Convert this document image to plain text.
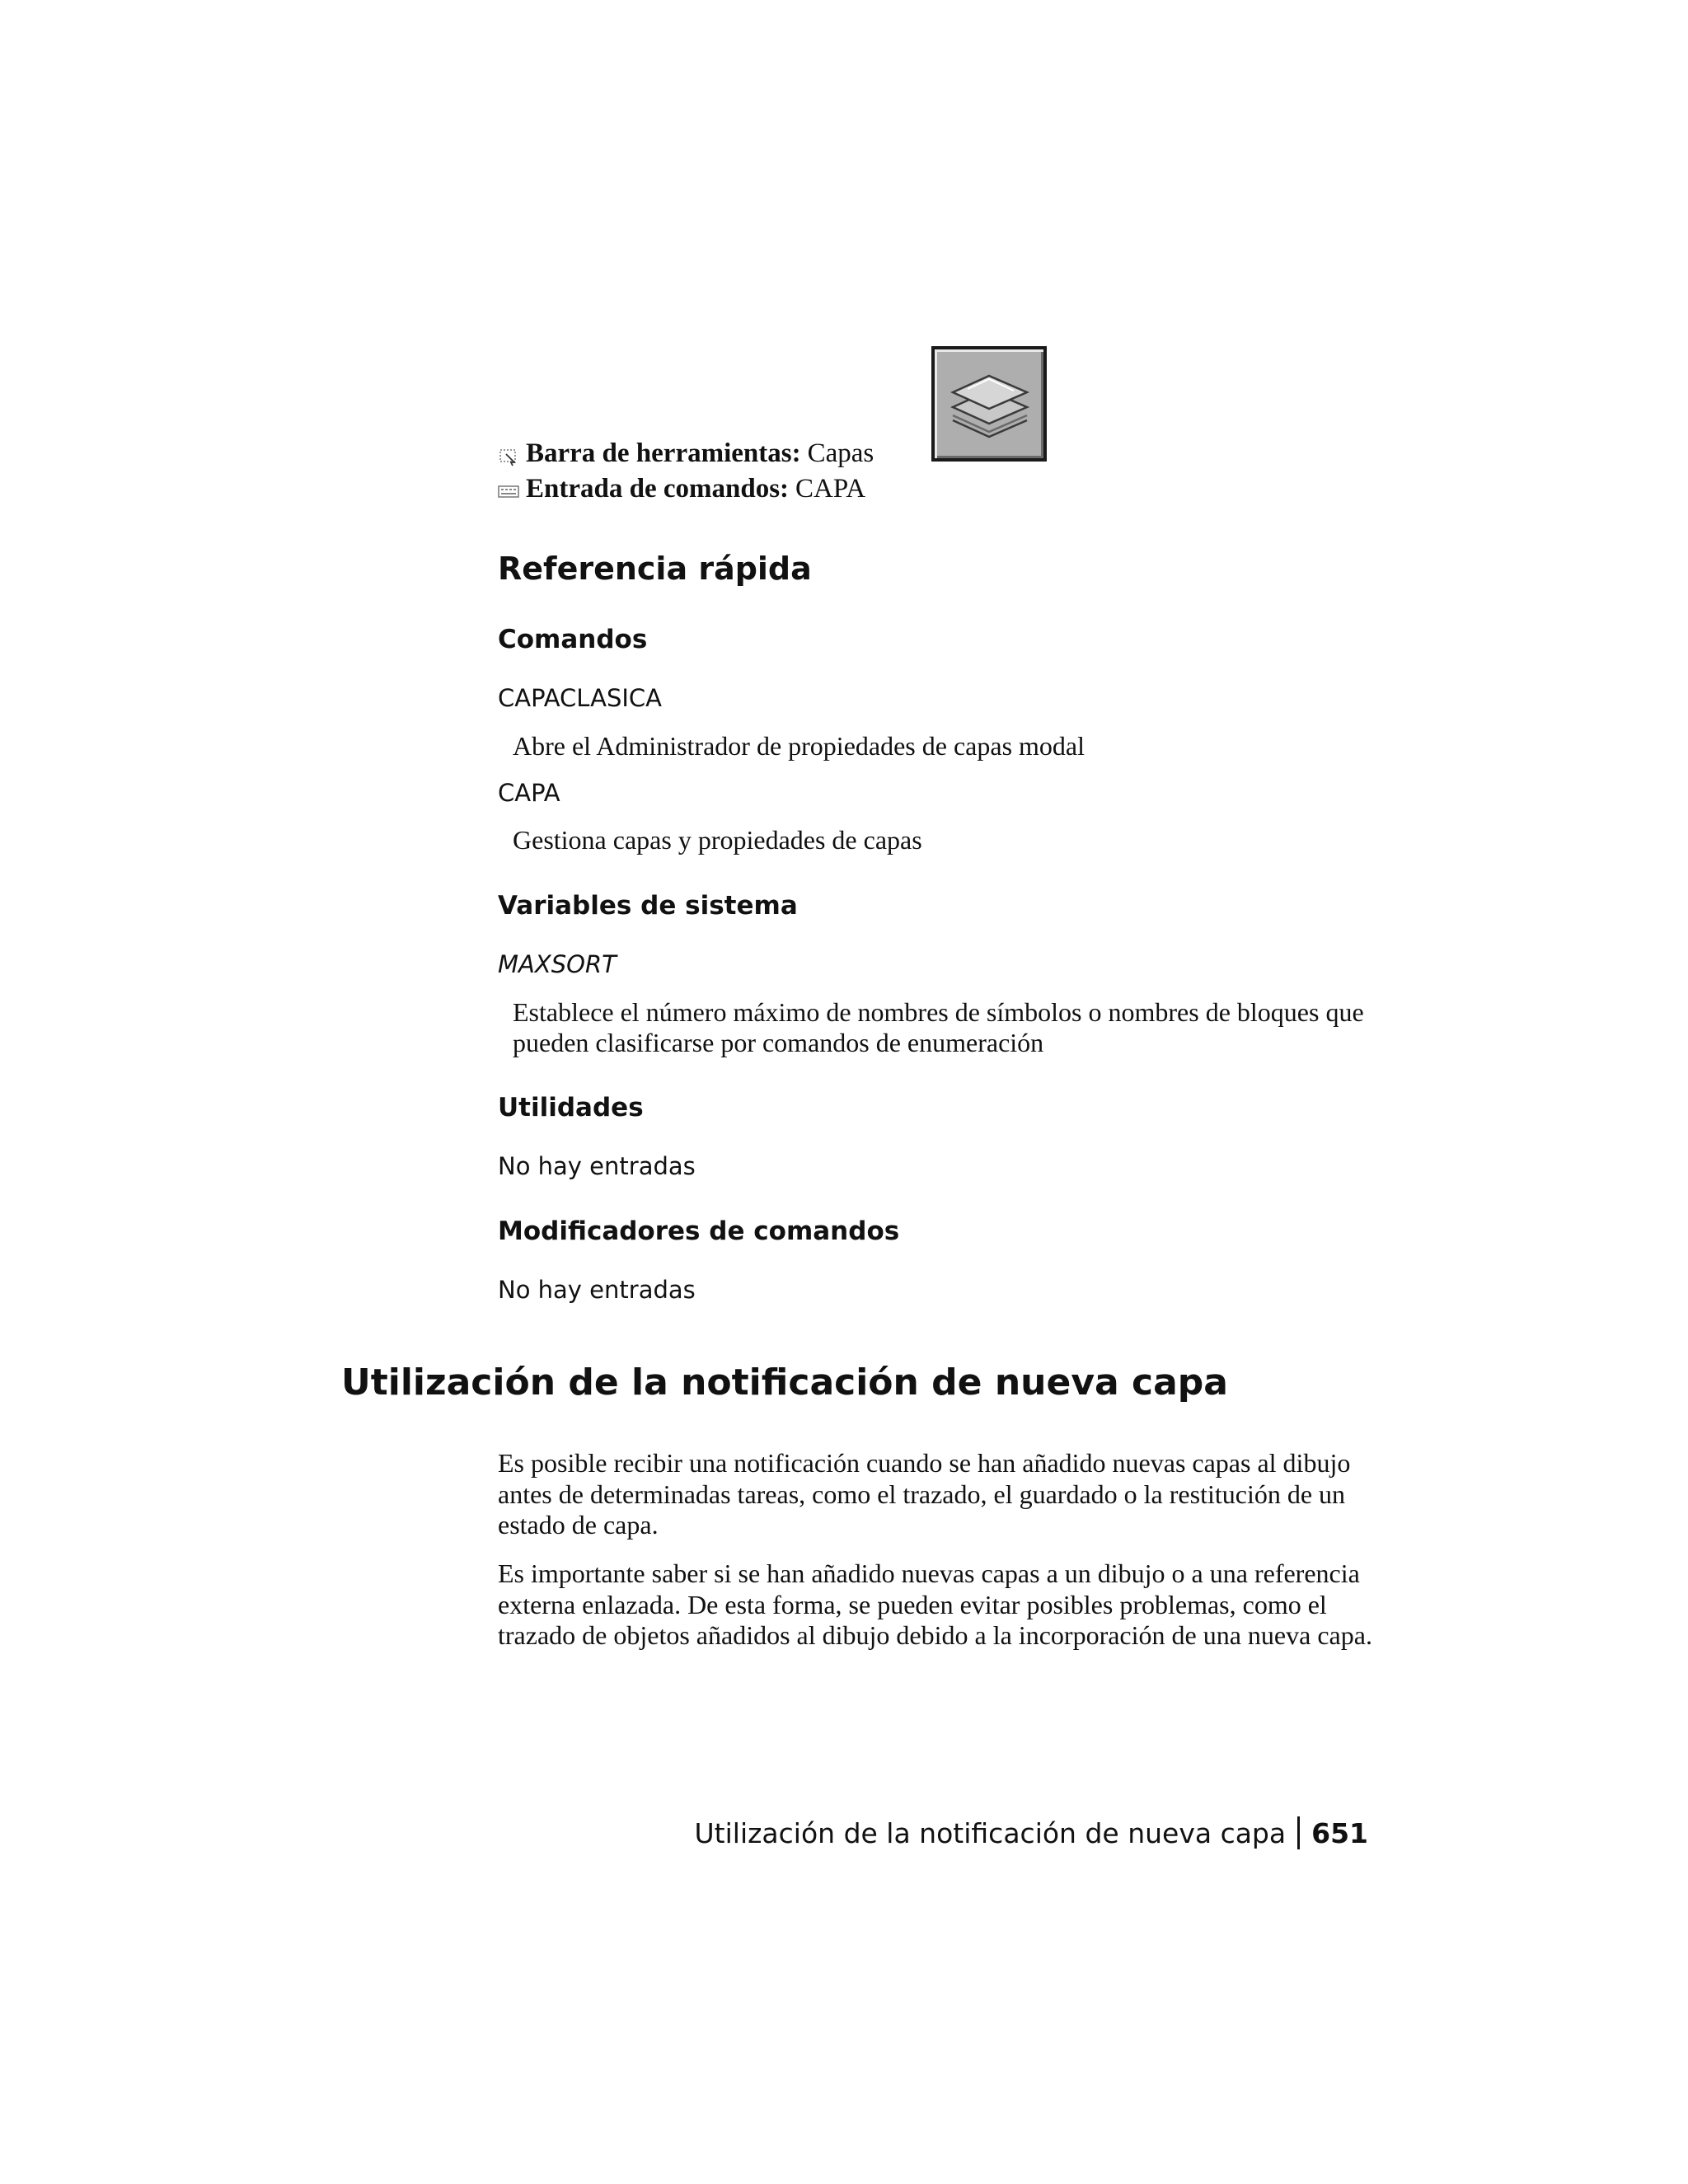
Barra de herramientas: Capas
Entrada de comandos: CAPA
Referencia rápida
Comandos
CAPACLASICA
Abre el Administrador de propiedades de capas modal
CAPA
Gestiona capas y propiedades de capas
Variables de sistema
MAXSORT
Establece el número máximo de nombres de símbolos o nombres de bloques que pueden clasificarse por comandos de enumeración
Utilidades
No hay entradas
Modificadores de comandos
No hay entradas
Utilización de la notificación de nueva capa
Es posible recibir una notificación cuando se han añadido nuevas capas al dibujo antes de determinadas tareas, como el trazado, el guardado o la restitución de un estado de capa.
Es importante saber si se han añadido nuevas capas a un dibujo o a una referencia externa enlazada. De esta forma, se pueden evitar posibles problemas, como el trazado de objetos añadidos al dibujo debido a la incorporación de una nueva capa.
Utilización de la notificación de nueva capa 651
